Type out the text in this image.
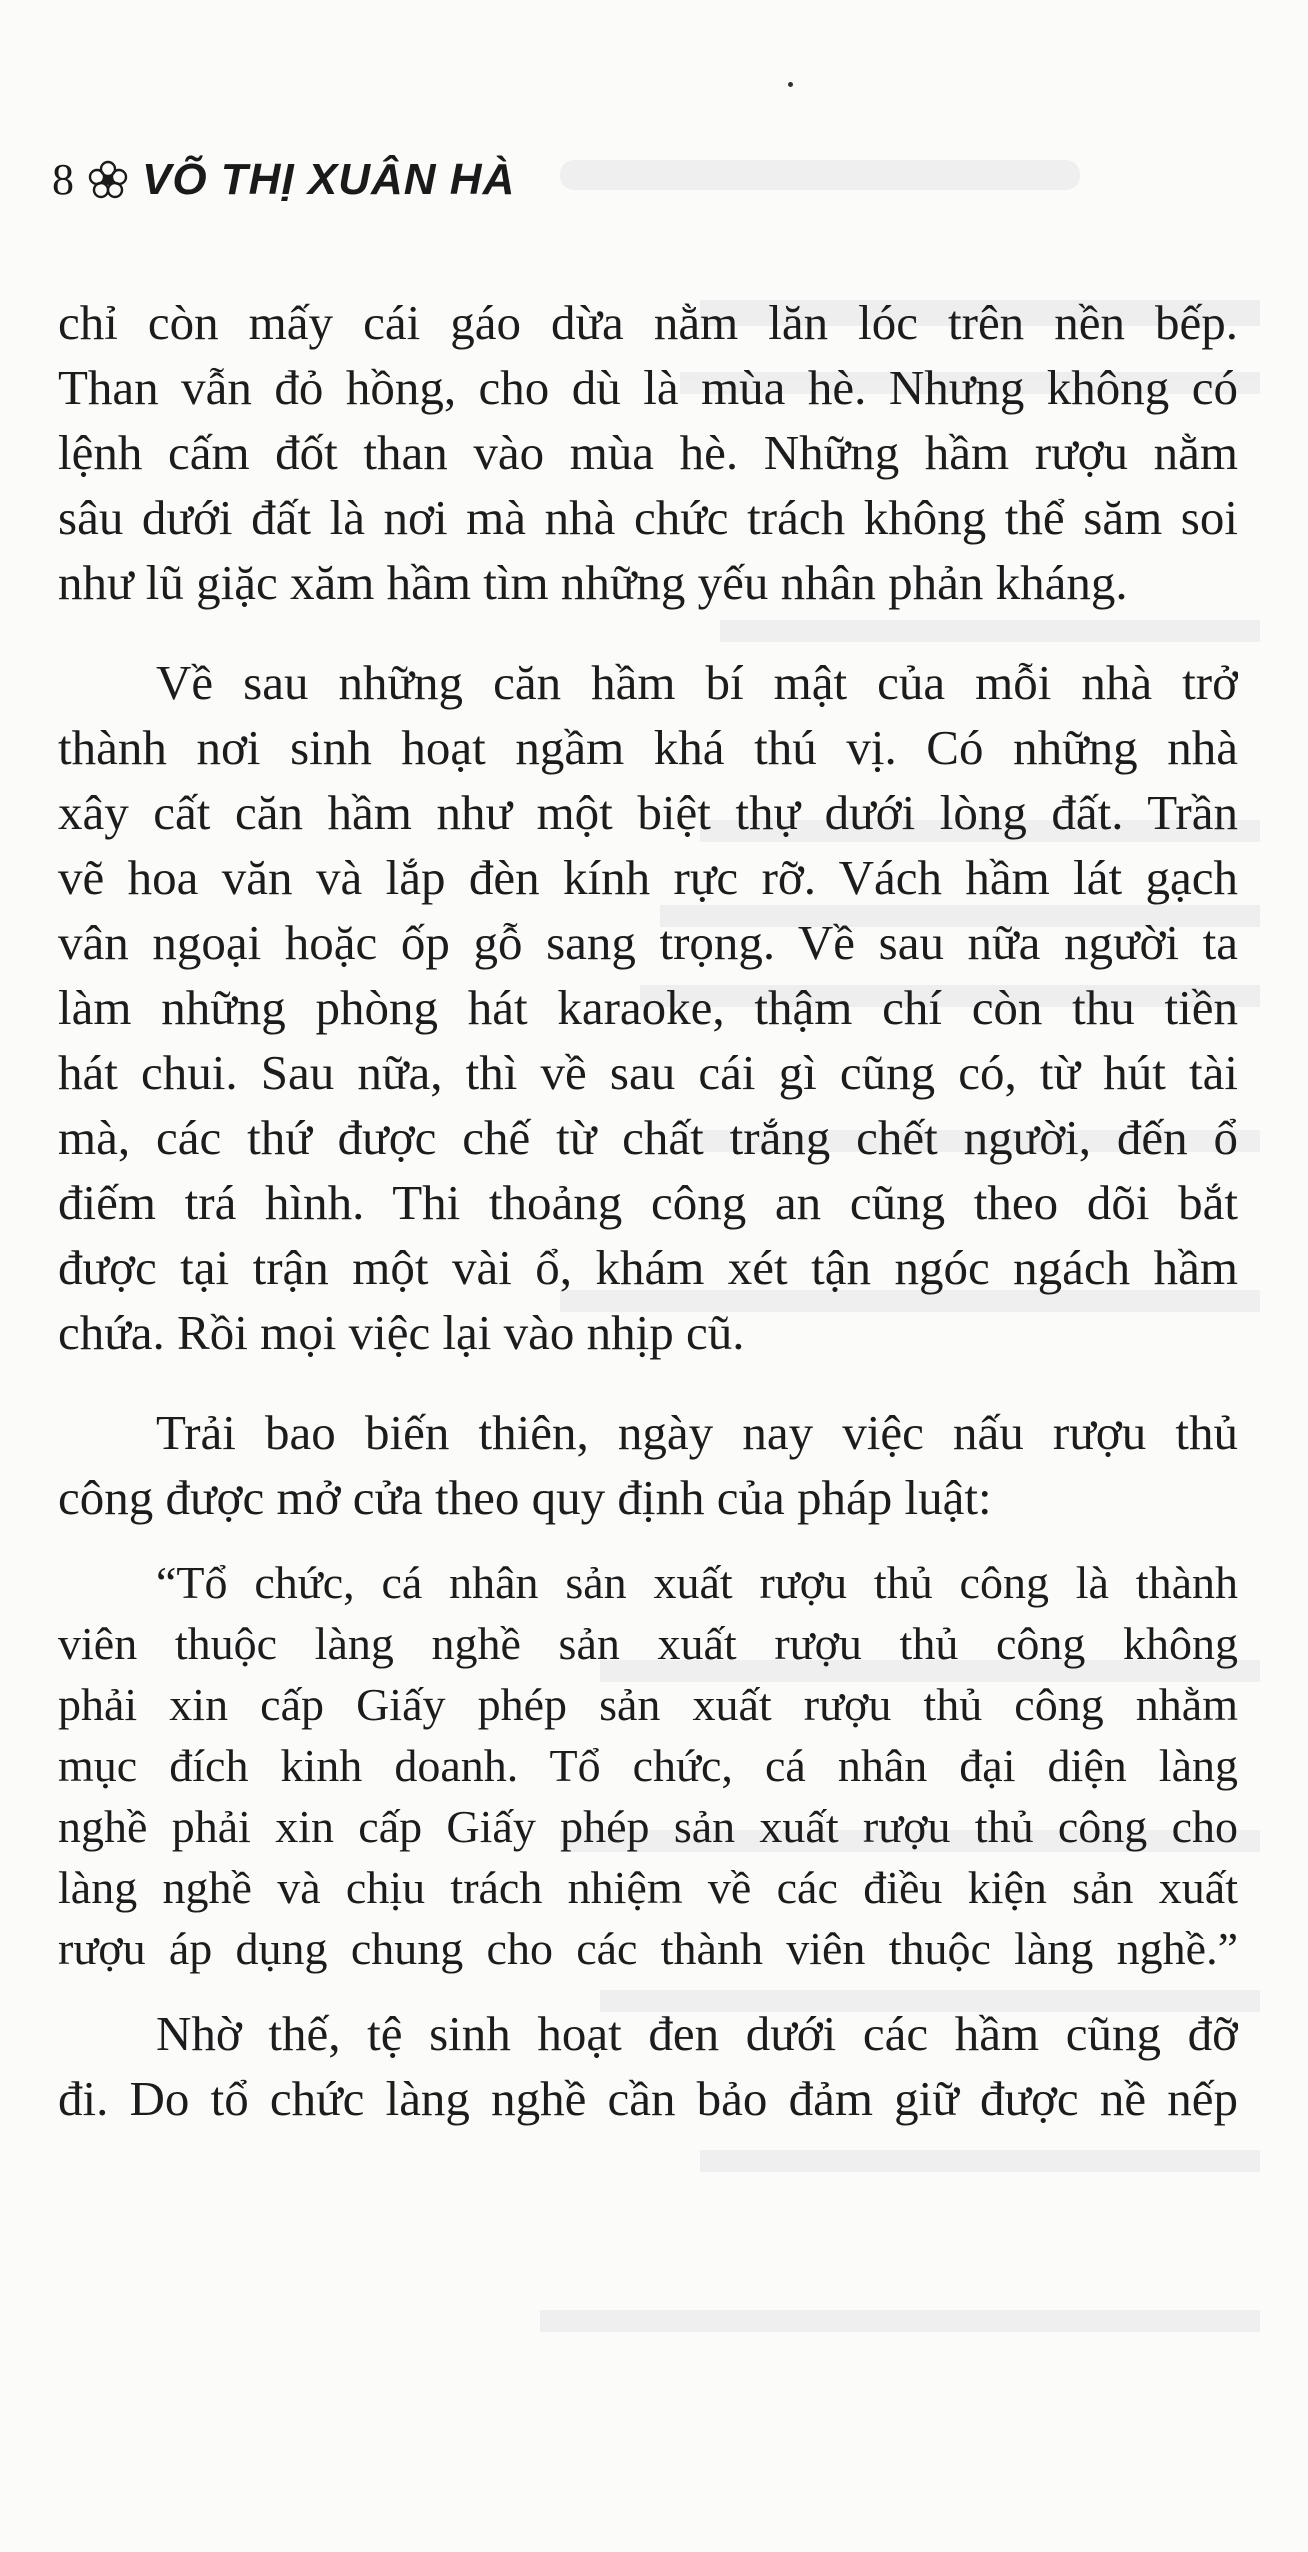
8 VÕ THỊ XUÂN HÀ
chỉ còn mấy cái gáo dừa nằm lăn lóc trên nền bếp.
Than vẫn đỏ hồng, cho dù là mùa hè. Nhưng không có
lệnh cấm đốt than vào mùa hè. Những hầm rượu nằm
sâu dưới đất là nơi mà nhà chức trách không thể săm soi
như lũ giặc xăm hầm tìm những yếu nhân phản kháng.
Về sau những căn hầm bí mật của mỗi nhà trở
thành nơi sinh hoạt ngầm khá thú vị. Có những nhà
xây cất căn hầm như một biệt thự dưới lòng đất. Trần
vẽ hoa văn và lắp đèn kính rực rỡ. Vách hầm lát gạch
vân ngoại hoặc ốp gỗ sang trọng. Về sau nữa người ta
làm những phòng hát karaoke, thậm chí còn thu tiền
hát chui. Sau nữa, thì về sau cái gì cũng có, từ hút tài
mà, các thứ được chế từ chất trắng chết người, đến ổ
điếm trá hình. Thi thoảng công an cũng theo dõi bắt
được tại trận một vài ổ, khám xét tận ngóc ngách hầm
chứa. Rồi mọi việc lại vào nhịp cũ.
Trải bao biến thiên, ngày nay việc nấu rượu thủ
công được mở cửa theo quy định của pháp luật:
“Tổ chức, cá nhân sản xuất rượu thủ công là thành
viên thuộc làng nghề sản xuất rượu thủ công không
phải xin cấp Giấy phép sản xuất rượu thủ công nhằm
mục đích kinh doanh. Tổ chức, cá nhân đại diện làng
nghề phải xin cấp Giấy phép sản xuất rượu thủ công cho
làng nghề và chịu trách nhiệm về các điều kiện sản xuất
rượu áp dụng chung cho các thành viên thuộc làng nghề.”
Nhờ thế, tệ sinh hoạt đen dưới các hầm cũng đỡ
đi. Do tổ chức làng nghề cần bảo đảm giữ được nề nếp
